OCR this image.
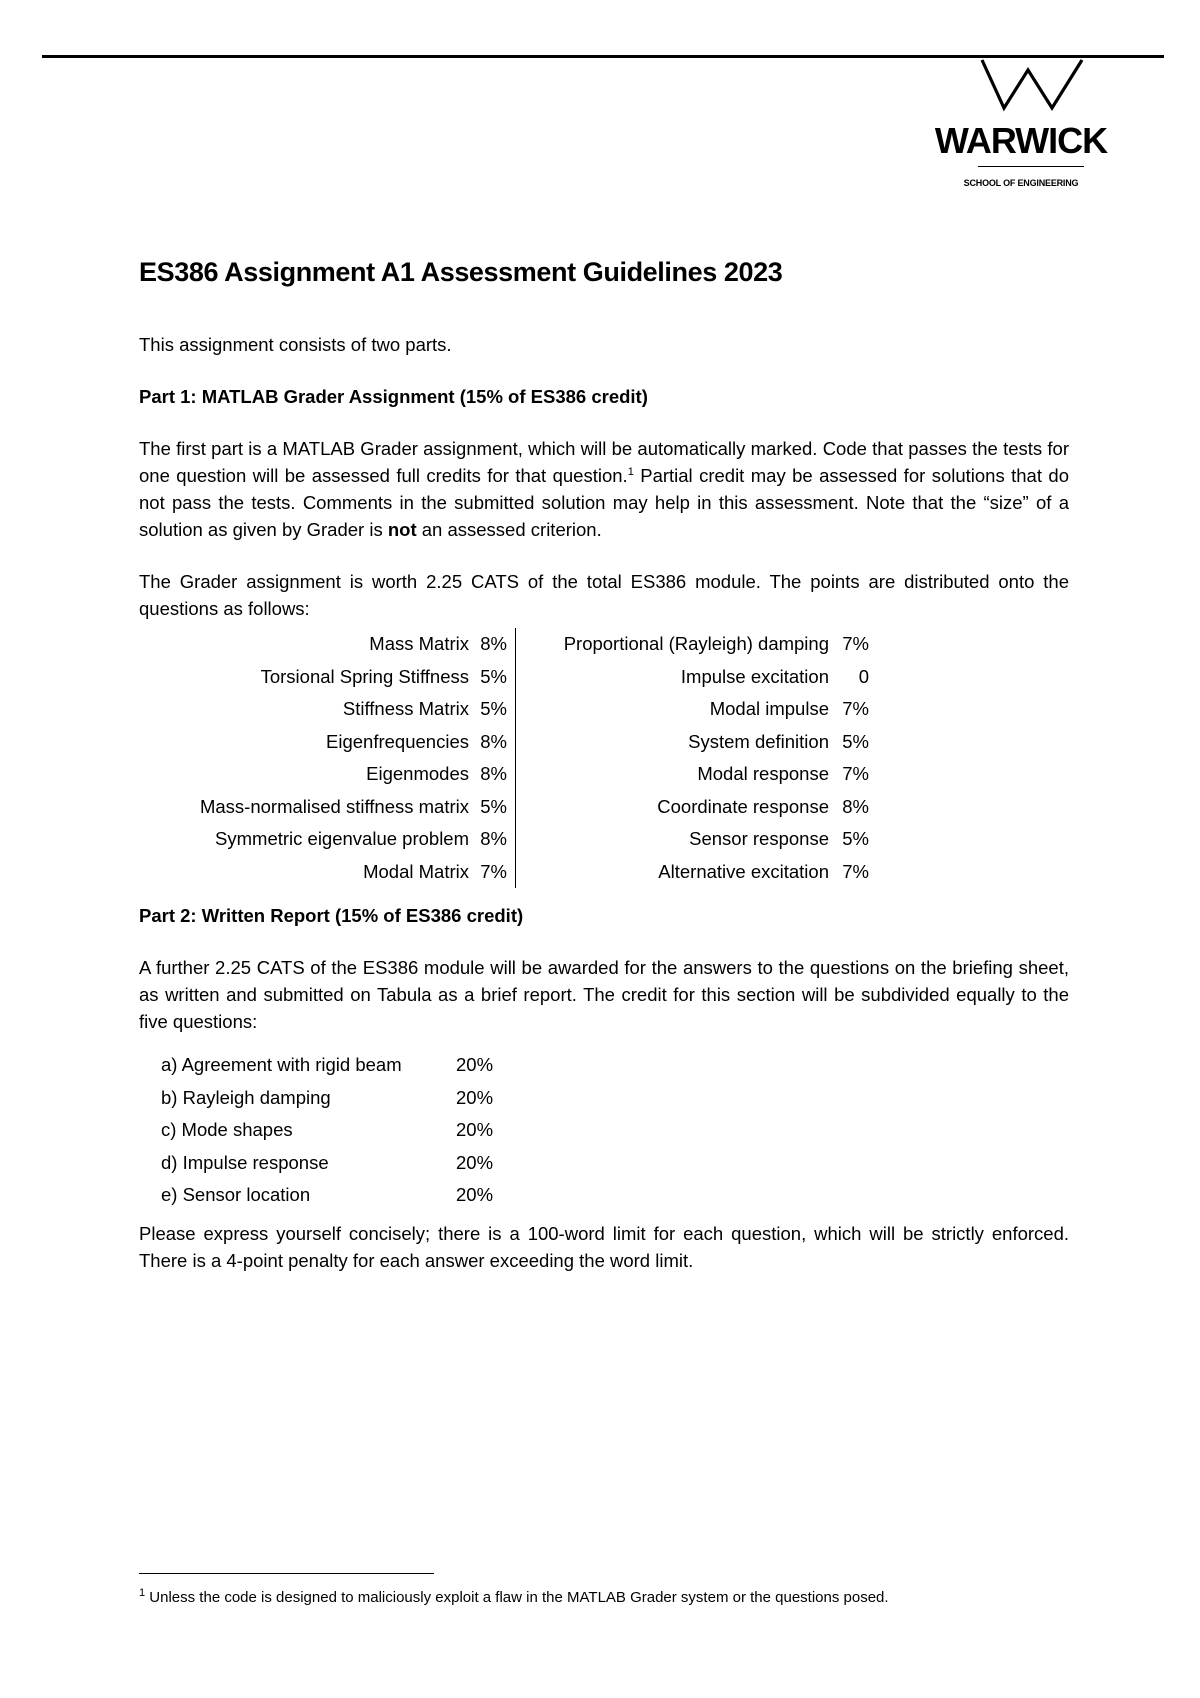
WARWICK
SCHOOL OF ENGINEERING
ES386 Assignment A1 Assessment Guidelines 2023

This assignment consists of two parts.

Part 1: MATLAB Grader Assignment (15% of ES386 credit)

The first part is a MATLAB Grader assignment, which will be automatically marked. Code that passes the tests for one question will be assessed full credits for that question.$^1$ Partial credit may be assessed for solutions that do not pass the tests. Comments in the submitted solution may help in this assessment. Note that the “size” of a solution as given by Grader is not an assessed criterion.

The Grader assignment is worth 2.25 CATS of the total ES386 module. The points are distributed onto the questions as follows:

Mass Matrix	8%	Proportional (Rayleigh) damping	7%
Torsional Spring Stiffness	5%	Impulse excitation	0
Stiffness Matrix	5%	Modal impulse	7%
Eigenfrequencies	8%	System definition	5%
Eigenmodes	8%	Modal response	7%
Mass-normalised stiffness matrix	5%	Coordinate response	8%
Symmetric eigenvalue problem	8%	Sensor response	5%
Modal Matrix	7%	Alternative excitation	7%

Part 2: Written Report (15% of ES386 credit)

A further 2.25 CATS of the ES386 module will be awarded for the answers to the questions on the briefing sheet, as written and submitted on Tabula as a brief report. The credit for this section will be subdivided equally to the five questions:

a) Agreement with rigid beam	20%
b) Rayleigh damping	20%
c) Mode shapes	20%
d) Impulse response	20%
e) Sensor location	20%

Please express yourself concisely; there is a 100-word limit for each question, which will be strictly enforced. There is a 4-point penalty for each answer exceeding the word limit.

$^1$ Unless the code is designed to maliciously exploit a flaw in the MATLAB Grader system or the questions posed.
